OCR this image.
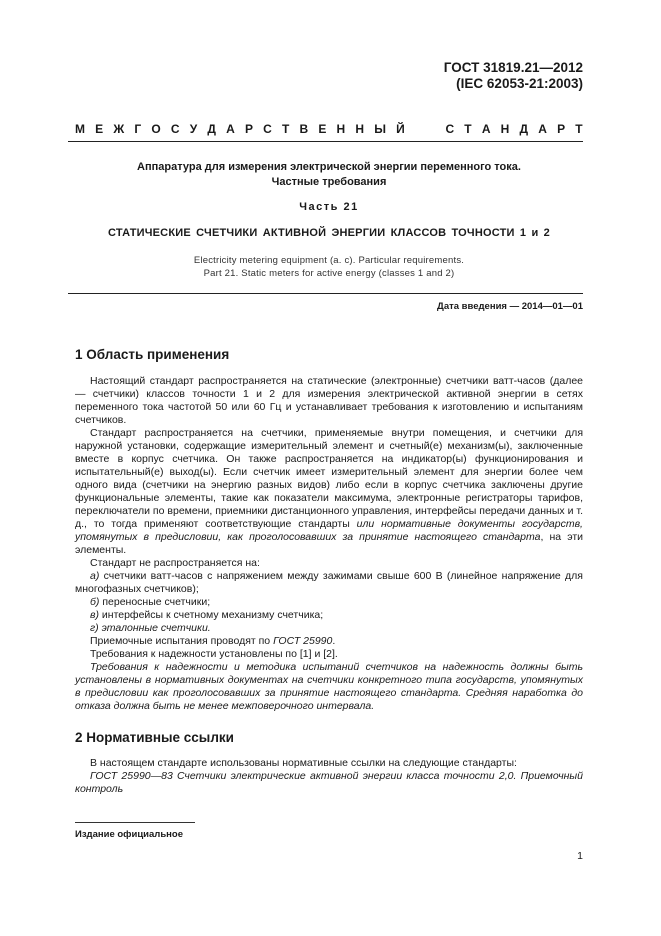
ГОСТ 31819.21—2012
(IEC 62053-21:2003)
М Е Ж Г О С У Д А Р С Т В Е Н Н Ы Й	С Т А Н Д А Р Т
Аппаратура для измерения электрической энергии переменного тока.
Частные требования
Часть 21
СТАТИЧЕСКИЕ СЧЕТЧИКИ АКТИВНОЙ ЭНЕРГИИ КЛАССОВ ТОЧНОСТИ 1 и 2
Electricity metering equipment (a. c). Particular requirements.
Part 21. Static meters for active energy (classes 1 and 2)
Дата введения — 2014—01—01
1 Область применения

Настоящий стандарт распространяется на статические (электронные) счетчики ватт-часов (далее — счетчики) классов точности 1 и 2 для измерения электрической активной энергии в сетях переменного тока частотой 50 или 60 Гц и устанавливает требования к изготовлению и испытаниям счетчиков.

Стандарт распространяется на счетчики, применяемые внутри помещения, и счетчики для наружной установки, содержащие измерительный элемент и счетный(е) механизм(ы), заключенные вместе в корпус счетчика. Он также распространяется на индикатор(ы) функционирования и испытательный(е) выход(ы). Если счетчик имеет измерительный элемент для энергии более чем одного вида (счетчики на энергию разных видов) либо если в корпус счетчика заключены другие функциональные элементы, такие как показатели максимума, электронные регистраторы тарифов, переключатели по времени, приемники дистанционного управления, интерфейсы передачи данных и т. д., то тогда применяют соответствующие стандарты или нормативные документы государств, упомянутых в предисловии, как проголосовавших за принятие настоящего стандарта, на эти элементы.

Стандарт не распространяется на:

а) счетчики ватт-часов с напряжением между зажимами свыше 600 В (линейное напряжение для многофазных счетчиков);

б) переносные счетчики;

в) интерфейсы к счетному механизму счетчика;

г) эталонные счетчики.

Приемочные испытания проводят по ГОСТ 25990.

Требования к надежности установлены по [1] и [2].

Требования к надежности и методика испытаний счетчиков на надежность должны быть установлены в нормативных документах на счетчики конкретного типа государств, упомянутых в предисловии как проголосовавших за принятие настоящего стандарта. Средняя наработка до отказа должна быть не менее межповерочного интервала.

2 Нормативные ссылки

В настоящем стандарте использованы нормативные ссылки на следующие стандарты:

ГОСТ 25990—83 Счетчики электрические активной энергии класса точности 2,0. Приемочный контроль

Издание официальное
1
